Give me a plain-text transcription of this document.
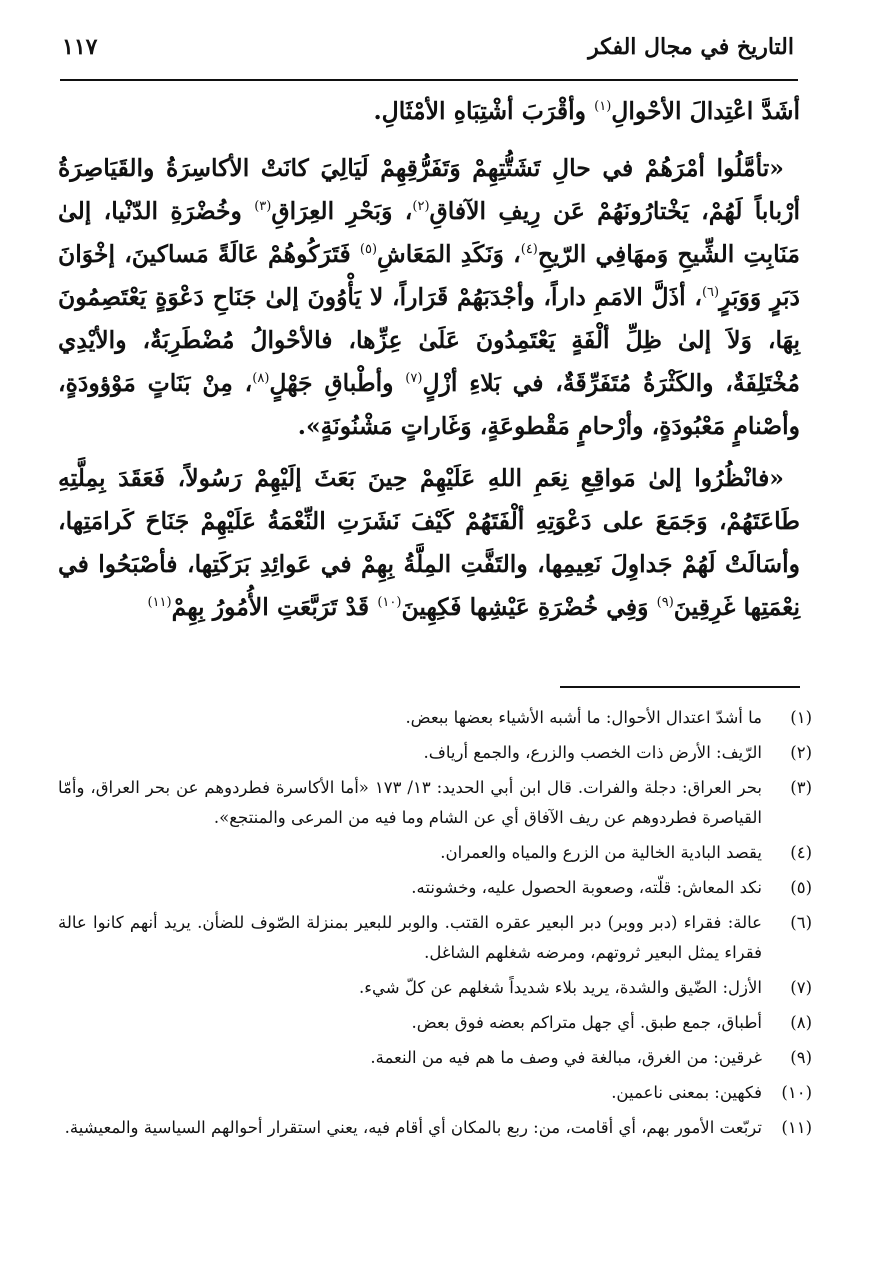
التاريخ في مجال الفكر
١١٧

أشَدَّ اعْتِدالَ الأحْوالِ$^{(١)}$ وأقْرَبَ أشْتِبَاهِ الأمْثَالِ.

«تأمَّلُوا أمْرَهُمْ في حالِ تَشَتُّتِهِمْ وَتَفَرُّقِهِمْ لَيَالِيَ كانَتْ الأكاسِرَةُ والقَيَاصِرَةُ أرْباباً لَهُمْ، يَخْتارُونَهُمْ عَن رِيفِ الآفاقِ$^{(٢)}$، وَبَحْرِ العِرَاقِ$^{(٣)}$ وخُضْرَةِ الدّنْيا، إلىٰ مَنَابِتِ الشِّيحِ وَمهَافِي الرّيحِ$^{(٤)}$، وَنَكَدِ المَعَاشِ$^{(٥)}$ فَتَرَكُوهُمْ عَالَةً مَساكينَ، إخْوَانَ دَبَرٍ وَوَبَرٍ$^{(٦)}$، أذَلَّ الامَمِ داراً، وأجْدَبَهُمْ قَرَاراً، لا يَأْوُونَ إلىٰ جَنَاحِ دَعْوَةٍ يَعْتَصِمُونَ بِهَا، وَلاَ إلىٰ ظِلِّ ألْفَةٍ يَعْتَمِدُونَ عَلَىٰ عِزِّها، فالأحْوالُ مُضْطَرِبَةٌ، والأيْدِي مُخْتَلِفَةٌ، والكَثْرَةُ مُتَفَرِّقَةٌ، في بَلاءِ أزْلٍ$^{(٧)}$ وأطْباقِ جَهْلٍ$^{(٨)}$، مِنْ بَنَاتٍ مَوْؤودَةٍ، وأصْنامٍ مَعْبُودَةٍ، وأرْحامٍ مَقْطوعَةٍ، وَغَاراتٍ مَشْنُونَةٍ».

«فانْظُرُوا إلىٰ مَواقِعِ نِعَمِ اللهِ عَلَيْهِمْ حِينَ بَعَثَ إلَيْهِمْ رَسُولاً، فَعَقَدَ بِمِلَّتِهِ طَاعَتَهُمْ، وَجَمَعَ على دَعْوَتِهِ ألْفَتَهُمْ كَيْفَ نَشَرَتِ النِّعْمَةُ عَلَيْهِمْ جَنَاحَ كَرامَتِها، وأسَالَتْ لَهُمْ جَداوِلَ نَعِيمِها، والتَفَّتِ المِلَّةُ بِهِمْ في عَوائِدِ بَرَكَتِها، فأصْبَحُوا في نِعْمَتِها غَرِقِينَ$^{(٩)}$ وَفِي خُضْرَةِ عَيْشِها فَكِهِينَ$^{(١٠)}$ قَدْ تَرَبَّعَتِ الأُمُورُ بِهِمْ$^{(١١)}$

(١)
ما أشدّ اعتدال الأحوال: ما أشبه الأشياء بعضها ببعض.
(٢)
الرّيف: الأرض ذات الخصب والزرع، والجمع أرياف.
(٣)
بحر العراق: دجلة والفرات. قال ابن أبي الحديد: ١٣/ ١٧٣ «أما الأكاسرة فطردوهم عن بحر العراق، وأمّا القياصرة فطردوهم عن ريف الآفاق أي عن الشام وما فيه من المرعى والمنتجع».
(٤)
يقصد البادية الخالية من الزرع والمياه والعمران.
(٥)
نكد المعاش: قلّته، وصعوبة الحصول عليه، وخشونته.
(٦)
عالة: فقراء (دبر ووبر) دبر البعير عقره القتب. والوبر للبعير بمنزلة الصّوف للضأن. يريد أنهم كانوا عالة فقراء يمثل البعير ثروتهم، ومرضه شغلهم الشاغل.
(٧)
الأزل: الضّيق والشدة، يريد بلاء شديداً شغلهم عن كلّ شيء.
(٨)
أطباق، جمع طبق. أي جهل متراكم بعضه فوق بعض.
(٩)
غرقين: من الغرق، مبالغة في وصف ما هم فيه من النعمة.
(١٠)
فكهين: بمعنى ناعمين.
(١١)
تربّعت الأمور بهم، أي أقامت، من: ربع بالمكان أي أقام فيه، يعني استقرار أحوالهم السياسية والمعيشية.
